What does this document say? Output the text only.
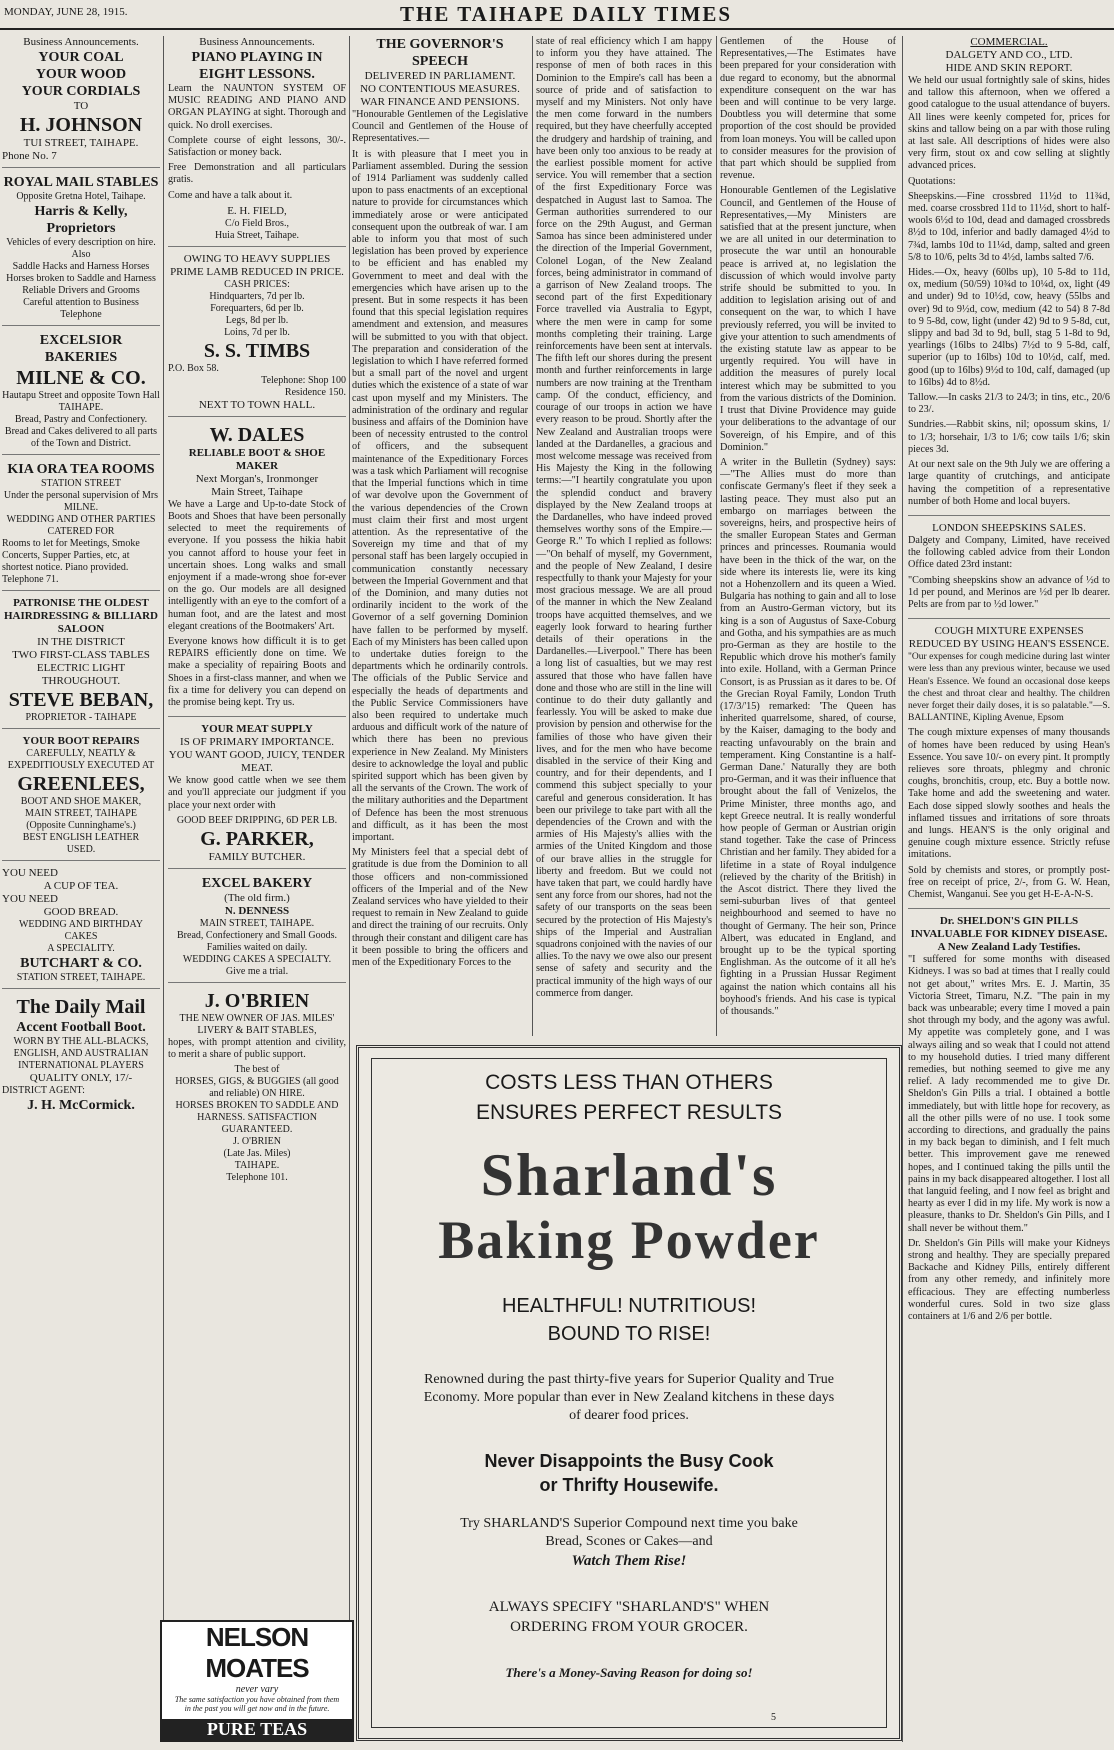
MONDAY, JUNE 28, 1915.	THE TAIHAPE DAILY TIMES
Business Announcements.
YOUR COAL
YOUR WOOD
YOUR CORDIALS
TO
H. JOHNSON
TUI STREET, TAIHAPE.
Phone No. 7
ROYAL MAIL STABLES
Opposite Gretna Hotel, Taihape.
Harris & Kelly, Proprietors
Vehicles of every description on hire.
Also
Saddle Hacks and Harness Horses
Horses broken to Saddle and Harness
Reliable Drivers and Grooms
Careful attention to Business
Telephone
EXCELSIOR BAKERIES
MILNE & CO.
Hautapu Street and opposite Town Hall
TAIHAPE.
Bread, Pastry and Confectionery.
Bread and Cakes delivered to all parts of the Town and District.
KIA ORA TEA ROOMS
STATION STREET
Under the personal supervision of Mrs
MILNE.
WEDDING AND OTHER PARTIES
CATERED FOR
Rooms to let for Meetings, Smoke Concerts, Supper Parties, etc, at shortest notice. Piano provided.
Telephone 71.
PATRONISE THE OLDEST
HAIRDRESSING & BILLIARD
SALOON
IN THE DISTRICT
TWO FIRST-CLASS TABLES
ELECTRIC LIGHT THROUGHOUT.
STEVE BEBAN,
PROPRIETOR - TAIHAPE
YOUR BOOT REPAIRS
CAREFULLY, NEATLY & EXPEDITIOUSLY EXECUTED AT
GREENLEES,
BOOT AND SHOE MAKER,
MAIN STREET, TAIHAPE
(Opposite Cunninghame's.)
BEST ENGLISH LEATHER
USED.
YOU NEED
A CUP OF TEA.
YOU NEED
GOOD BREAD.
WEDDING AND BIRTHDAY CAKES
A SPECIALITY.
BUTCHART & CO.
STATION STREET, TAIHAPE.
The Daily Mail
Accent Football Boot.
WORN BY THE ALL-BLACKS,
ENGLISH, AND AUSTRALIAN INTERNATIONAL PLAYERS
QUALITY ONLY, 17/-
DISTRICT AGENT:
J. H. McCormick.
Business Announcements.
PIANO PLAYING IN EIGHT LESSONS.

Learn the NAUNTON SYSTEM OF MUSIC READING AND PIANO AND ORGAN PLAYING at sight. Thorough and quick. No droll exercises.

Complete course of eight lessons, 30/-. Satisfaction or money back.

Free Demonstration and all particulars gratis.

Come and have a talk about it.

E. H. FIELD,
C/o Field Bros.,
Huia Street, Taihape.
OWING TO HEAVY SUPPLIES
PRIME LAMB REDUCED IN PRICE.
CASH PRICES:
Hindquarters, 7d per lb.
Forequarters, 6d per lb.
Legs, 8d per lb.
Loins, 7d per lb.
S. S. TIMBS
P.O. Box 58.
Telephone: Shop 100
Residence 150.
NEXT TO TOWN HALL.
W. DALES
RELIABLE BOOT & SHOE MAKER
Next Morgan's, Ironmonger
Main Street, Taihape

We have a Large and Up-to-date Stock of Boots and Shoes that have been personally selected to meet the requirements of everyone. If you possess the hikia habit you cannot afford to house your feet in uncertain shoes. Long walks and small enjoyment if a made-wrong shoe for-ever on the go. Our models are all designed intelligently with an eye to the comfort of a human foot, and are the latest and most elegant creations of the Bootmakers' Art.

Everyone knows how difficult it is to get REPAIRS efficiently done on time. We make a speciality of repairing Boots and Shoes in a first-class manner, and when we fix a time for delivery you can depend on the promise being kept. Try us.

YOUR MEAT SUPPLY
IS OF PRIMARY IMPORTANCE.
YOU WANT GOOD, JUICY, TENDER MEAT.

We know good cattle when we see them and you'll appreciate our judgment if you place your next order with

GOOD BEEF DRIPPING, 6D PER LB.
G. PARKER,
FAMILY BUTCHER.
EXCEL BAKERY
(The old firm.)
N. DENNESS
MAIN STREET, TAIHAPE.
Bread, Confectionery and Small Goods.
Families waited on daily.
WEDDING CAKES A SPECIALTY.
Give me a trial.
J. O'BRIEN
THE NEW OWNER OF JAS. MILES' LIVERY & BAIT STABLES,

hopes, with prompt attention and civility, to merit a share of public support.

The best of
HORSES, GIGS, & BUGGIES (all good and reliable) ON HIRE.
HORSES BROKEN TO SADDLE AND HARNESS. SATISFACTION GUARANTEED.
J. O'BRIEN
(Late Jas. Miles)
TAIHAPE.
Telephone 101.
NELSON MOATES
never vary
The same satisfaction you have obtained from them in the past you will get now and in the future.
PURE TEAS
THE GOVERNOR'S SPEECH
DELIVERED IN PARLIAMENT.
NO CONTENTIOUS MEASURES.
WAR FINANCE AND PENSIONS.

"Honourable Gentlemen of the Legislative Council and Gentlemen of the House of Representatives.—

It is with pleasure that I meet you in Parliament assembled. During the session of 1914 Parliament was suddenly called upon to pass enactments of an exceptional nature to provide for circumstances which immediately arose or were anticipated consequent upon the outbreak of war. I am able to inform you that most of such legislation has been proved by experience to be efficient and has enabled my Government to meet and deal with the emergencies which have arisen up to the present. But in some respects it has been found that this special legislation requires amendment and extension, and measures will be submitted to you with that object. The preparation and consideration of the legislation to which I have referred formed but a small part of the novel and urgent duties which the existence of a state of war cast upon myself and my Ministers. The administration of the ordinary and regular business and affairs of the Dominion have been of necessity entrusted to the control of officers, and the subsequent maintenance of the Expeditionary Forces was a task which Parliament will recognise that the Imperial functions which in time of war devolve upon the Government of the various dependencies of the Crown must claim their first and most urgent attention. As the representative of the Sovereign my time and that of my personal staff has been largely occupied in communication constantly necessary between the Imperial Government and that of the Dominion, and many duties not ordinarily incident to the work of the Governor of a self governing Dominion have fallen to be performed by myself. Each of my Ministers has been called upon to undertake duties foreign to the departments which he ordinarily controls. The officials of the Public Service and especially the heads of departments and the Public Service Commissioners have also been required to undertake much arduous and difficult work of the nature of which there has been no previous experience in New Zealand. My Ministers desire to acknowledge the loyal and public spirited support which has been given by all the servants of the Crown. The work of the military authorities and the Department of Defence has been the most strenuous and difficult, as it has been the most important.

My Ministers feel that a special debt of gratitude is due from the Dominion to all those officers and non-commissioned officers of the Imperial and of the New Zealand services who have yielded to their request to remain in New Zealand to guide and direct the training of our recruits. Only through their constant and diligent care has it been possible to bring the officers and men of the Expeditionary Forces to the

state of real efficiency which I am happy to inform you they have attained. The response of men of both races in this Dominion to the Empire's call has been a source of pride and of satisfaction to myself and my Ministers. Not only have the men come forward in the numbers required, but they have cheerfully accepted the drudgery and hardship of training, and have been only too anxious to be ready at the earliest possible moment for active service. You will remember that a section of the first Expeditionary Force was despatched in August last to Samoa. The German authorities surrendered to our force on the 29th August, and German Samoa has since been administered under the direction of the Imperial Government, Colonel Logan, of the New Zealand forces, being administrator in command of a garrison of New Zealand troops. The second part of the first Expeditionary Force travelled via Australia to Egypt, where the men were in camp for some months completing their training. Large reinforcements have been sent at intervals. The fifth left our shores during the present month and further reinforcements in large numbers are now training at the Trentham camp. Of the conduct, efficiency, and courage of our troops in action we have every reason to be proud. Shortly after the New Zealand and Australian troops were landed at the Dardanelles, a gracious and most welcome message was received from His Majesty the King in the following terms:—"I heartily congratulate you upon the splendid conduct and bravery displayed by the New Zealand troops at the Dardanelles, who have indeed proved themselves worthy sons of the Empire.—George R." To which I replied as follows:—"On behalf of myself, my Government, and the people of New Zealand, I desire respectfully to thank your Majesty for your most gracious message. We are all proud of the manner in which the New Zealand troops have acquitted themselves, and we eagerly look forward to hearing further details of their operations in the Dardanelles.—Liverpool." There has been a long list of casualties, but we may rest assured that those who have fallen have done and those who are still in the line will continue to do their duty gallantly and fearlessly. You will be asked to make due provision by pension and otherwise for the families of those who have given their lives, and for the men who have become disabled in the service of their King and country, and for their dependents, and I commend this subject specially to your careful and generous consideration. It has been our privilege to take part with all the dependencies of the Crown and with the armies of His Majesty's allies with the armies of the United Kingdom and those of our brave allies in the struggle for liberty and freedom. But we could not have taken that part, we could hardly have sent any force from our shores, had not the safety of our transports on the seas been secured by the protection of His Majesty's ships of the Imperial and Australian squadrons conjoined with the navies of our allies. To the navy we owe also our present sense of safety and security and the practical immunity of the high ways of our commerce from danger.

Gentlemen of the House of Representatives,—The Estimates have been prepared for your consideration with due regard to economy, but the abnormal expenditure consequent on the war has been and will continue to be very large. Doubtless you will determine that some proportion of the cost should be provided from loan moneys. You will be called upon to consider measures for the provision of that part which should be supplied from revenue.

Honourable Gentlemen of the Legislative Council, and Gentlemen of the House of Representatives,—My Ministers are satisfied that at the present juncture, when we are all united in our determination to prosecute the war until an honourable peace is arrived at, no legislation the discussion of which would involve party strife should be submitted to you. In addition to legislation arising out of and consequent on the war, to which I have previously referred, you will be invited to give your attention to such amendments of the existing statute law as appear to be urgently required. You will have in addition the measures of purely local interest which may be submitted to you from the various districts of the Dominion. I trust that Divine Providence may guide your deliberations to the advantage of our Sovereign, of his Empire, and of this Dominion."

A writer in the Bulletin (Sydney) says:—"The Allies must do more than confiscate Germany's fleet if they seek a lasting peace. They must also put an embargo on marriages between the sovereigns, heirs, and prospective heirs of the smaller European States and German princes and princesses. Roumania would have been in the thick of the war, on the side where its interests lie, were its king not a Hohenzollern and its queen a Wied. Bulgaria has nothing to gain and all to lose from an Austro-German victory, but its king is a son of Augustus of Saxe-Coburg and Gotha, and his sympathies are as much pro-German as they are hostile to the Republic which drove his mother's family into exile. Holland, with a German Prince Consort, is as Prussian as it dares to be. Of the Grecian Royal Family, London Truth (17/3/'15) remarked: 'The Queen has inherited quarrelsome, shared, of course, by the Kaiser, damaging to the body and reacting unfavourably on the brain and temperament. King Constantine is a half-German Dane.' Naturally they are both pro-German, and it was their influence that brought about the fall of Venizelos, the Prime Minister, three months ago, and kept Greece neutral. It is really wonderful how people of German or Austrian origin stand together. Take the case of Princess Christian and her family. They abided for a lifetime in a state of Royal indulgence (relieved by the charity of the British) in the Ascot district. There they lived the semi-suburban lives of that genteel neighbourhood and seemed to have no thought of Germany. The heir son, Prince Albert, was educated in England, and brought up to be the typical sporting Englishman. As the outcome of it all he's fighting in a Prussian Hussar Regiment against the nation which contains all his boyhood's friends. And his case is typical of thousands."

COMMERCIAL.
DALGETY AND CO., LTD.
HIDE AND SKIN REPORT.

We held our usual fortnightly sale of skins, hides and tallow this afternoon, when we offered a good catalogue to the usual attendance of buyers. All lines were keenly competed for, prices for skins and tallow being on a par with those ruling at last sale. All descriptions of hides were also very firm, stout ox and cow selling at slightly advanced prices.

Quotations:

Sheepskins.—Fine crossbred 11½d to 11¾d, med. coarse crossbred 11d to 11½d, short to half-wools 6½d to 10d, dead and damaged crossbreds 8½d to 10d, inferior and badly damaged 4½d to 7¾d, lambs 10d to 11¼d, damp, salted and green 5/8 to 10/6, pelts 3d to 4½d, lambs salted 7/6.

Hides.—Ox, heavy (60lbs up), 10 5-8d to 11d, ox, medium (50/59) 10¾d to 10¼d, ox, light (49 and under) 9d to 10½d, cow, heavy (55lbs and over) 9d to 9½d, cow, medium (42 to 54) 8 7-8d to 9 5-8d, cow, light (under 42) 9d to 9 5-8d, cut, slippy and bad 3d to 9d, bull, stag 5 1-8d to 9d, yearlings (16lbs to 24lbs) 7½d to 9 5-8d, calf, superior (up to 16lbs) 10d to 10½d, calf, med. good (up to 16lbs) 9½d to 10d, calf, damaged (up to 16lbs) 4d to 8½d.

Tallow.—In casks 21/3 to 24/3; in tins, etc., 20/6 to 23/.

Sundries.—Rabbit skins, nil; opossum skins, 1/ to 1/3; horsehair, 1/3 to 1/6; cow tails 1/6; skin pieces 3d.

At our next sale on the 9th July we are offering a large quantity of crutchings, and anticipate having the competition of a representative number of both Home and local buyers.

LONDON SHEEPSKINS SALES.

Dalgety and Company, Limited, have received the following cabled advice from their London Office dated 23rd instant:

"Combing sheepskins show an advance of ½d to 1d per pound, and Merinos are ½d per lb dearer. Pelts are from par to ½d lower."

COUGH MIXTURE EXPENSES REDUCED BY USING HEAN'S ESSENCE.

"Our expenses for cough medicine during last winter were less than any previous winter, because we used Hean's Essence. We found an occasional dose keeps the chest and throat clear and healthy. The children never forget their daily doses, it is so palatable."—S. BALLANTINE, Kipling Avenue, Epsom

The cough mixture expenses of many thousands of homes have been reduced by using Hean's Essence. You save 10/- on every pint. It promptly relieves sore throats, phlegmy and chronic coughs, bronchitis, croup, etc. Buy a bottle now. Take home and add the sweetening and water. Each dose sipped slowly soothes and heals the inflamed tissues and irritations of sore throats and lungs. HEAN'S is the only original and genuine cough mixture essence. Strictly refuse imitations.

Sold by chemists and stores, or promptly post-free on receipt of price, 2/-, from G. W. Hean, Chemist, Wanganui. See you get H-E-A-N-S.

Dr. SHELDON'S GIN PILLS INVALUABLE FOR KIDNEY DISEASE.
A New Zealand Lady Testifies.

"I suffered for some months with diseased Kidneys. I was so bad at times that I really could not get about," writes Mrs. E. J. Martin, 35 Victoria Street, Timaru, N.Z. "The pain in my back was unbearable; every time I moved a pain shot through my body, and the agony was awful. My appetite was completely gone, and I was always ailing and so weak that I could not attend to my household duties. I tried many different remedies, but nothing seemed to give me any relief. A lady recommended me to give Dr. Sheldon's Gin Pills a trial. I obtained a bottle immediately, but with little hope for recovery, as all the other pills were of no use. I took some according to directions, and gradually the pains in my back began to diminish, and I felt much better. This improvement gave me renewed hopes, and I continued taking the pills until the pains in my back disappeared altogether. I lost all that languid feeling, and I now feel as bright and hearty as ever I did in my life. My work is now a pleasure, thanks to Dr. Sheldon's Gin Pills, and I shall never be without them."

Dr. Sheldon's Gin Pills will make your Kidneys strong and healthy. They are specially prepared Backache and Kidney Pills, entirely different from any other remedy, and infinitely more efficacious. They are effecting numberless wonderful cures. Sold in two size glass containers at 1/6 and 2/6 per bottle.

COSTS LESS THAN OTHERS
ENSURES PERFECT RESULTS
Sharland's
Baking Powder
HEALTHFUL! NUTRITIOUS!
BOUND TO RISE!
Renowned during the past thirty-five years for Superior Quality and True Economy. More popular than ever in New Zealand kitchens in these days of dearer food prices.
Never Disappoints the Busy Cook
or Thrifty Housewife.
Try SHARLAND'S Superior Compound next time you bake Bread, Scones or Cakes—and
Watch Them Rise!
ALWAYS SPECIFY "SHARLAND'S" WHEN
ORDERING FROM YOUR GROCER.
There's a Money-Saving Reason for doing so!
5
